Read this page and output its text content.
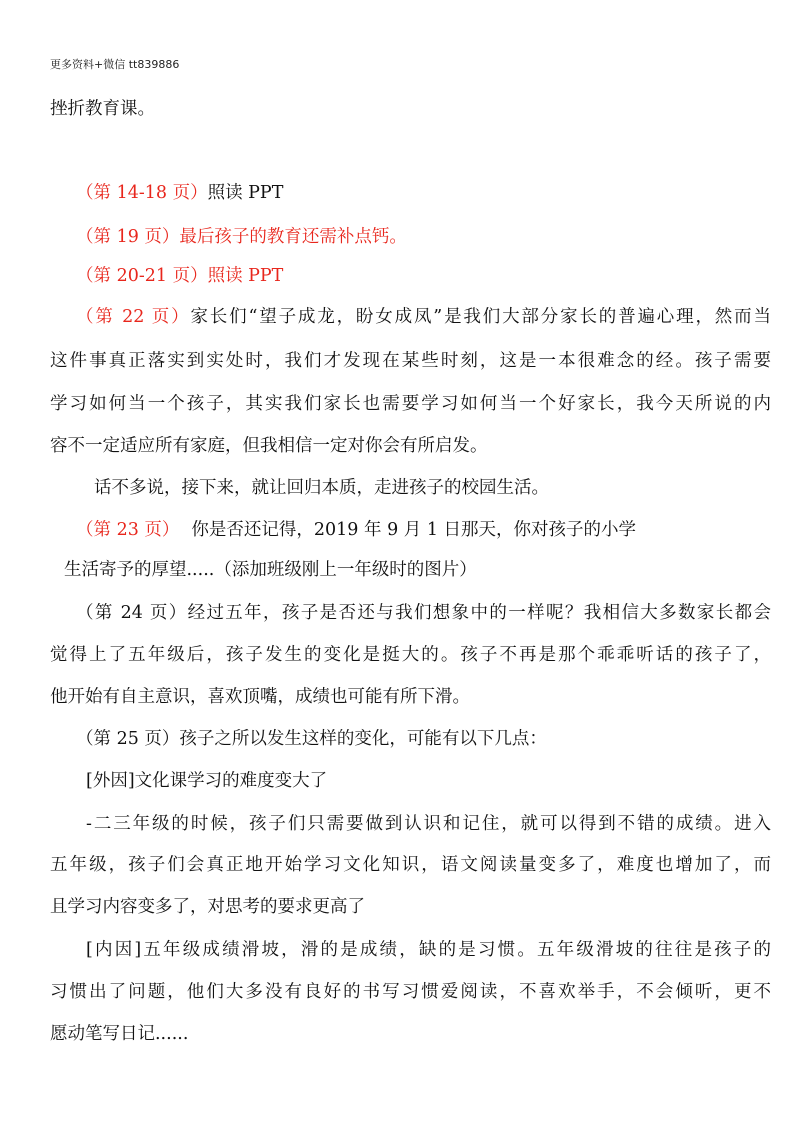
更多资料+微信 tt839886
挫折教育课。
（第 14-18 页）照读 PPT
（第 19 页）最后孩子的教育还需补点钙。
（第 20-21 页）照读 PPT
（第 22 页）家长们“望子成龙，盼女成凤”是我们大部分家长的普遍心理，然而当
这件事真正落实到实处时，我们才发现在某些时刻，这是一本很难念的经。孩子需要
学习如何当一个孩子，其实我们家长也需要学习如何当一个好家长，我今天所说的内
容不一定适应所有家庭，但我相信一定对你会有所启发。
话不多说，接下来，就让回归本质，走进孩子的校园生活。
（第 23 页） 你是否还记得，2019 年 9 月 1 日那天，你对孩子的小学
生活寄予的厚望.....（添加班级刚上一年级时的图片）
（第 24 页）经过五年，孩子是否还与我们想象中的一样呢？我相信大多数家长都会
觉得上了五年级后，孩子发生的变化是挺大的。孩子不再是那个乖乖听话的孩子了，
他开始有自主意识，喜欢顶嘴，成绩也可能有所下滑。
（第 25 页）孩子之所以发生这样的变化，可能有以下几点：
[外因]文化课学习的难度变大了
-二三年级的时候，孩子们只需要做到认识和记住，就可以得到不错的成绩。进入
五年级，孩子们会真正地开始学习文化知识，语文阅读量变多了，难度也增加了，而
且学习内容变多了，对思考的要求更高了
[内因]五年级成绩滑坡，滑的是成绩，缺的是习惯。五年级滑坡的往往是孩子的
习惯出了问题，他们大多没有良好的书写习惯爱阅读，不喜欢举手，不会倾听，更不
愿动笔写日记......
